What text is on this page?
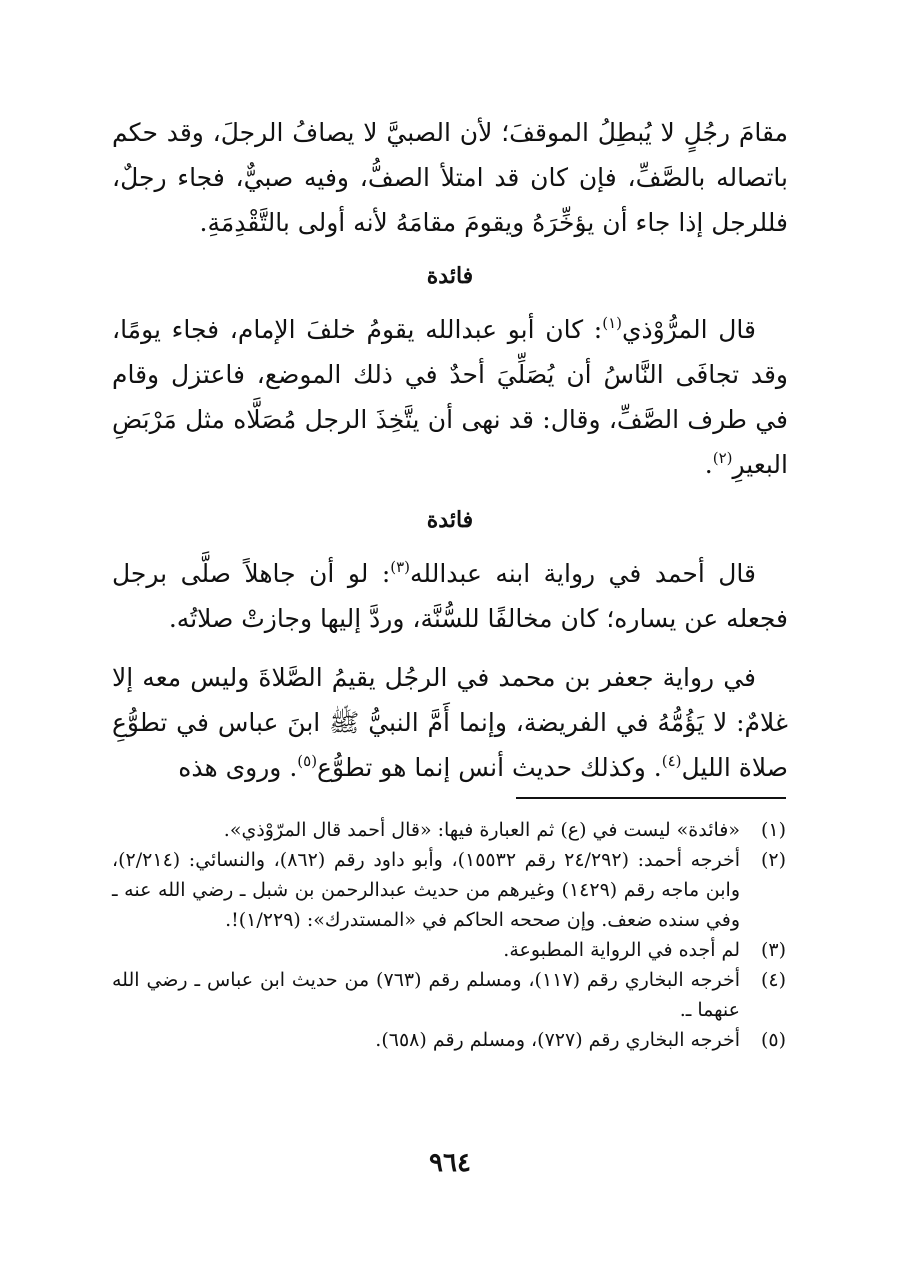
مقامَ رجُلٍ لا يُبطِلُ الموقفَ؛ لأن الصبيَّ لا يصافُ الرجلَ، وقد حكم باتصاله بالصَّفِّ، فإن كان قد امتلأ الصفُّ، وفيه صبيٌّ، فجاء رجلٌ، فللرجل إذا جاء أن يؤخِّرَهُ ويقومَ مقامَهُ لأنه أولى بالتَّقْدِمَةِ.

فائدة

قال المرُّوْذي$^{(١)}$: كان أبو عبدالله يقومُ خلفَ الإمام، فجاء يومًا، وقد تجافَى النَّاسُ أن يُصَلِّيَ أحدٌ في ذلك الموضع، فاعتزل وقام في طرف الصَّفِّ، وقال: قد نهى أن يتَّخِذَ الرجل مُصَلَّاه مثل مَرْبَضِ البعيرِ$^{(٢)}$.

فائدة

قال أحمد في رواية ابنه عبدالله$^{(٣)}$: لو أن جاهلاً صلَّى برجل فجعله عن يساره؛ كان مخالفًا للسُّنَّة، وردَّ إليها وجازتْ صلاتُه.

في رواية جعفر بن محمد في الرجُل يقيمُ الصَّلاةَ وليس معه إلا غلامٌ: لا يَؤُمُّهُ في الفريضة، وإنما أَمَّ النبيُّ ﷺ ابنَ عباس في تطوُّعِ صلاة الليل$^{(٤)}$. وكذلك حديث أنس إنما هو تطوُّع$^{(٥)}$. وروى هذه

(١)
«فائدة» ليست في (ع) ثم العبارة فيها: «قال أحمد قال المرّوْذي».
(٢)
أخرجه أحمد: (٢٤/٢٩٢ رقم ١٥٥٣٢)، وأبو داود رقم (٨٦٢)، والنسائي: (٢/٢١٤)، وابن ماجه رقم (١٤٢٩) وغيرهم من حديث عبدالرحمن بن شبل ـ رضي الله عنه ـ وفي سنده ضعف. وإن صححه الحاكم في «المستدرك»: (١/٢٢٩)!.
(٣)
لم أجده في الرواية المطبوعة.
(٤)
أخرجه البخاري رقم (١١٧)، ومسلم رقم (٧٦٣) من حديث ابن عباس ـ رضي الله عنهما ـ.
(٥)
أخرجه البخاري رقم (٧٢٧)، ومسلم رقم (٦٥٨).
٩٦٤
